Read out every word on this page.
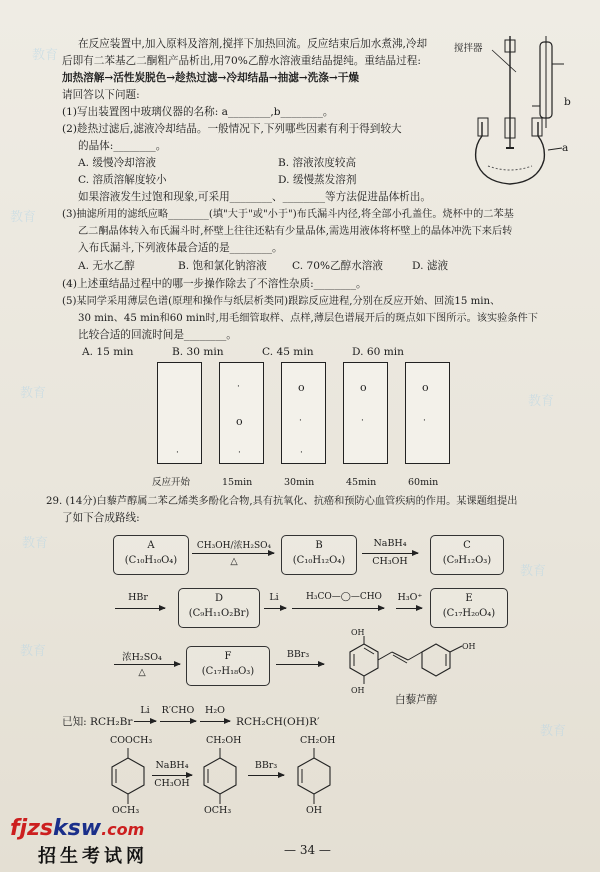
教育
教育
教育
教育
教育
教育
教育
教育
在反应装置中,加入原料及溶剂,搅拌下加热回流。反应结束后加水煮沸,冷却
后即有二苯基乙二酮粗产品析出,用70%乙醇水溶液重结晶提纯。重结晶过程:
加热溶解→活性炭脱色→趁热过滤→冷却结晶→抽滤→洗涤→干燥
请回答以下问题:
搅拌器
b
a
(1)写出装置图中玻璃仪器的名称: a________,b________。
(2)趁热过滤后,滤液冷却结晶。一般情况下,下列哪些因素有利于得到较大
的晶体:________。
A. 缓慢冷却溶液	B. 溶液浓度较高
C. 溶质溶解度较小	D. 缓慢蒸发溶剂
如果溶液发生过饱和现象,可采用________、________等方法促进晶体析出。
(3)抽滤所用的滤纸应略________(填"大于"或"小于")布氏漏斗内径,将全部小孔盖住。烧杯中的二苯基
乙二酮晶体转入布氏漏斗时,杯壁上往往还粘有少量晶体,需选用液体将杯壁上的晶体冲洗下来后转
入布氏漏斗,下列液体最合适的是________。
A. 无水乙醇	B. 饱和氯化钠溶液 C. 70%乙醇水溶液	D. 滤液
(4)上述重结晶过程中的哪一步操作除去了不溶性杂质:________。
(5)某同学采用薄层色谱(原理和操作与纸层析类同)跟踪反应进程,分别在反应开始、回流15 min、
30 min、45 min和60 min时,用毛细管取样、点样,薄层色谱展开后的斑点如下图所示。该实验条件下
比较合适的回流时间是________。
A. 15 min	B. 30 min	C. 45 min	D. 60 min
·
·
o
·
o
·
·
o
·
o
·
反应开始	15min	30min	45min	60min
29. (14分)白藜芦醇属二苯乙烯类多酚化合物,具有抗氧化、抗癌和预防心血管疾病的作用。某课题组提出
了如下合成路线:
A
(C₁₀H₁₀O₄)
CH₃OH/浓H₂SO₄
△
B
(C₁₀H₁₂O₄)
NaBH₄
CH₃OH
C
(C₉H₁₂O₃)
HBr	D
(C₉H₁₁O₂Br)
Li	H₃CO—◯—CHO	H₃O⁺	E
(C₁₇H₂₀O₄)
浓H₂SO₄
△
F
(C₁₇H₁₈O₃)
BBr₃
OH
OH
OH
白藜芦醇
已知: RCH₂Br
Li	R′CHO	H₂O
→ RCH₂CH(OH)R′
COOCH₃
OCH₃
NaBH₄
CH₃OH
CH₂OH
OCH₃
BBr₃
CH₂OH
OH
— 34 —
fjzsksw.com
招生考试网
